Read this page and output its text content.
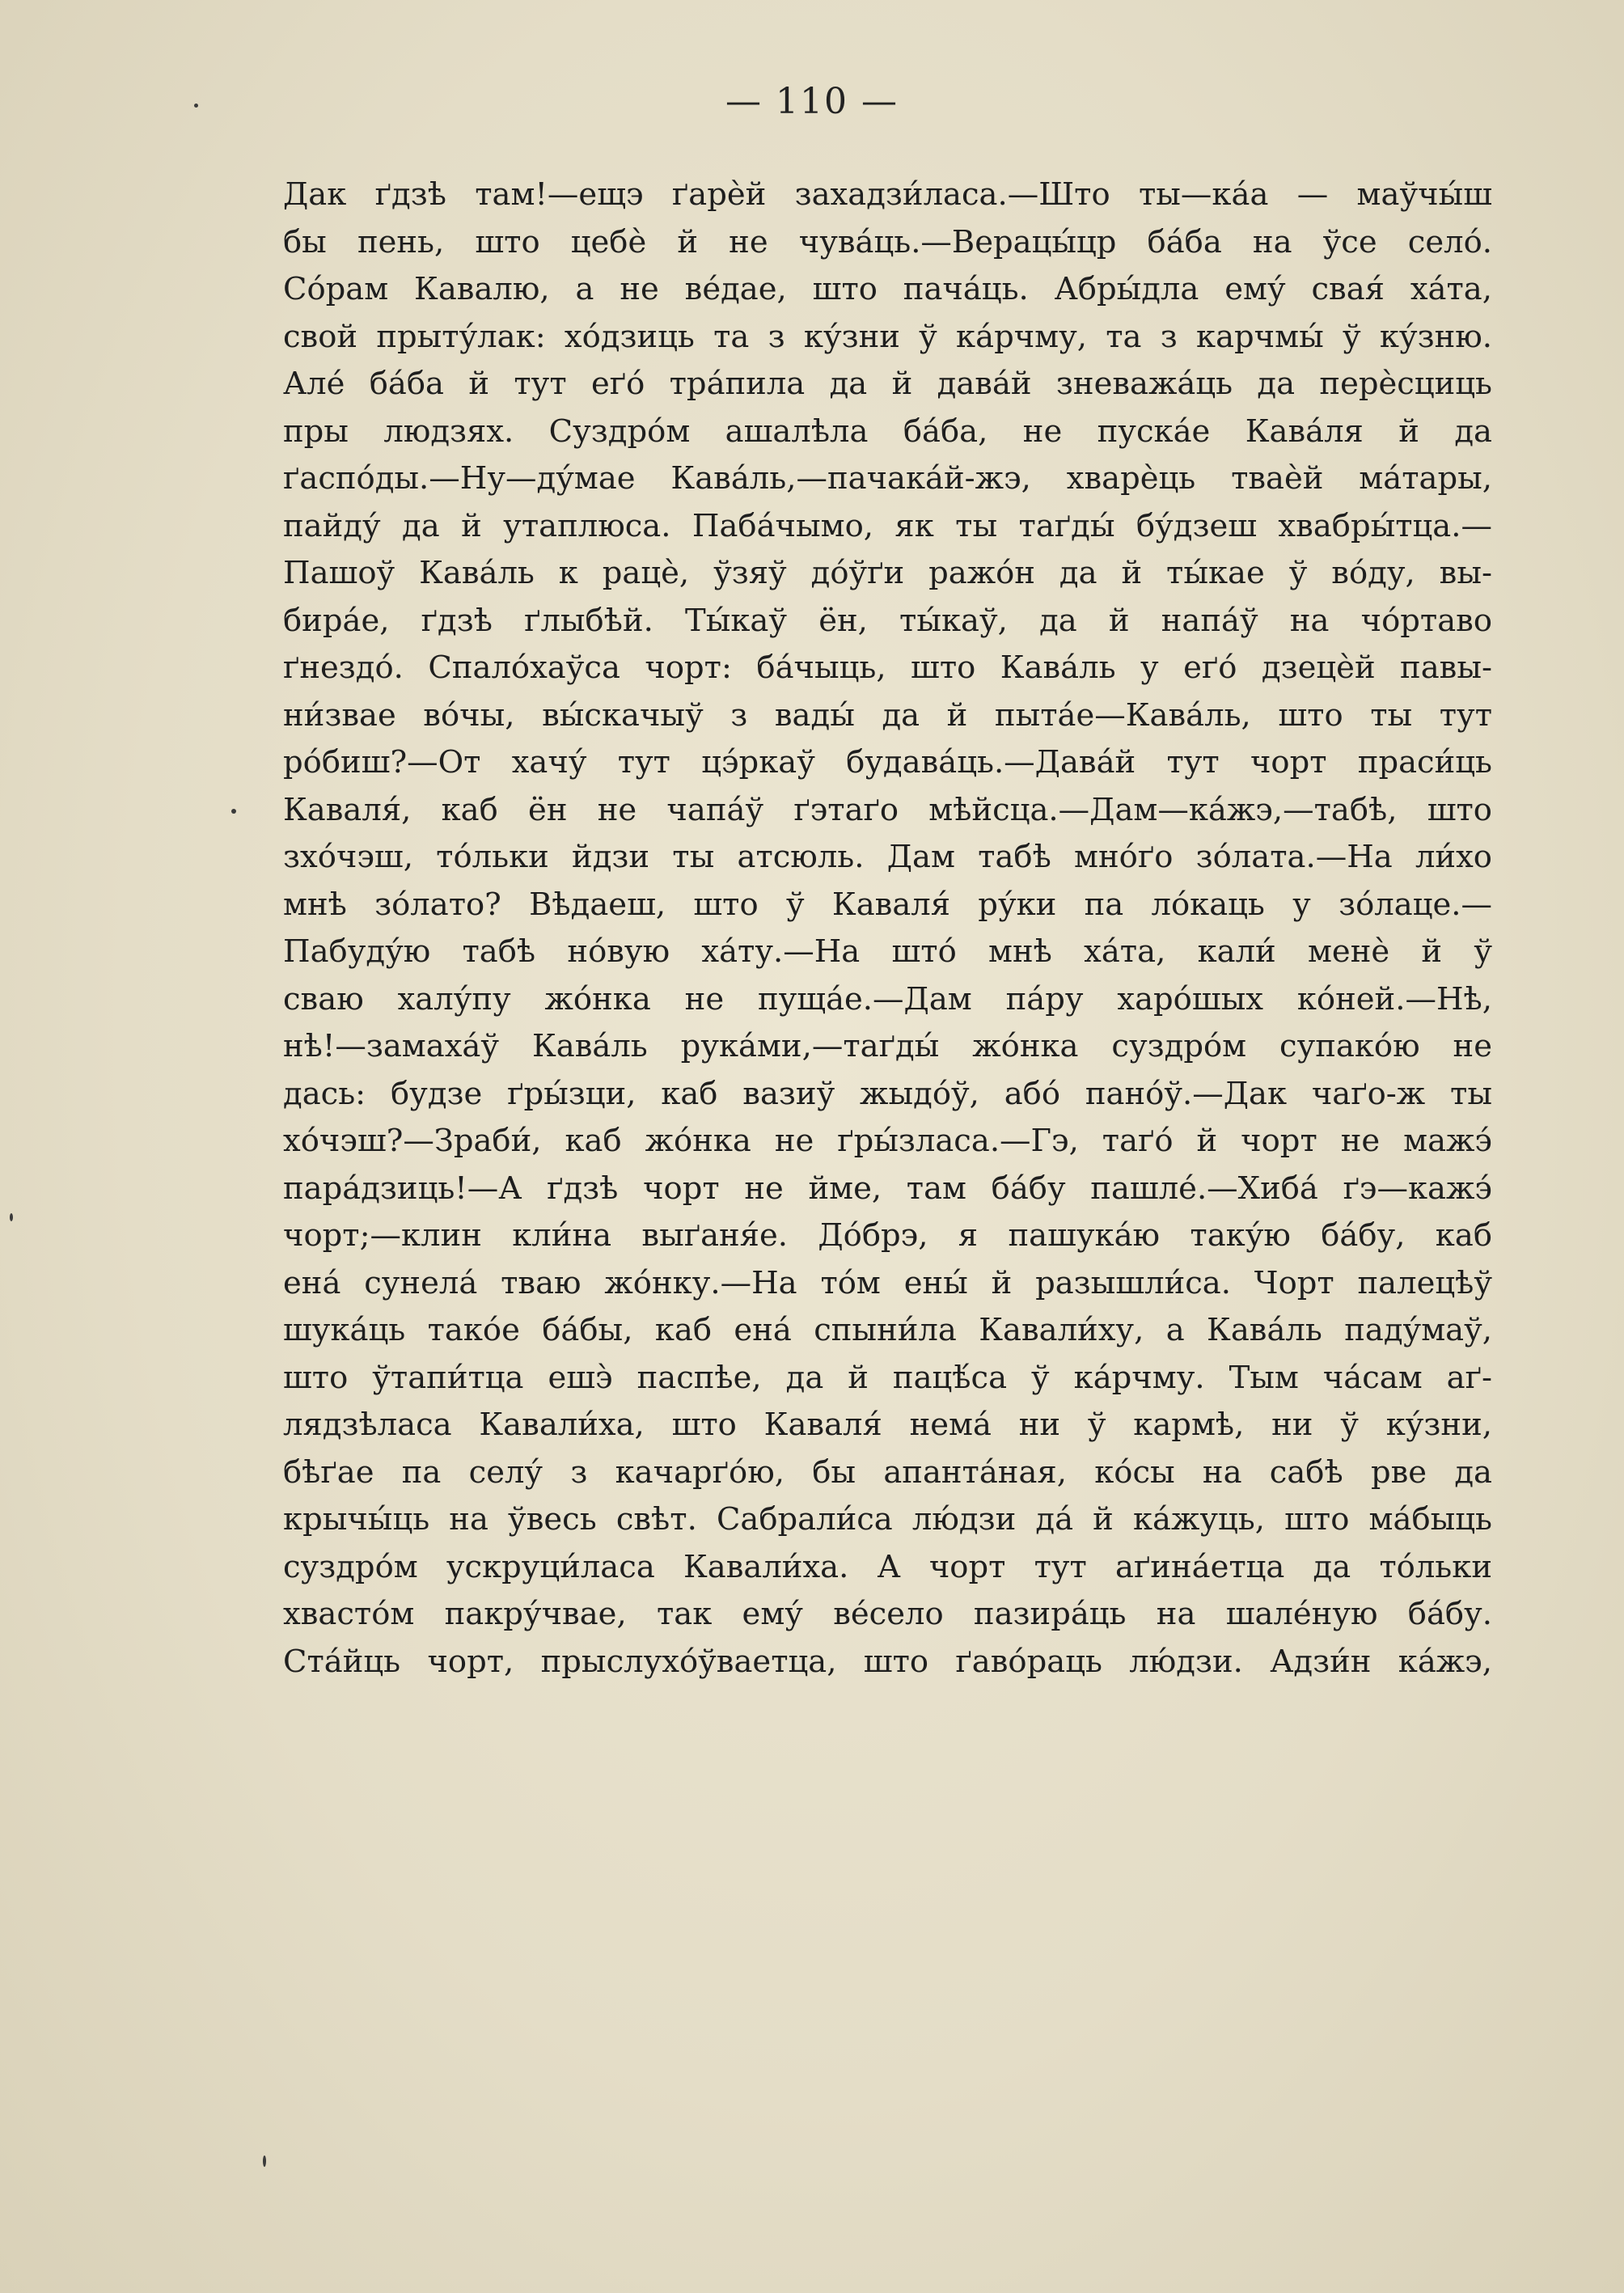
— 110 —
Дак ґдзѣ там!—ещэ ґарѐй захадзи́ласа.—Што ты—ка́а — маўчы́ш
бы пень, што цебѐ й не чува́ць.—Верацы́цр ба́ба на ўсе село́.
Со́рам Кавалю, а не ве́дае, што пача́ць. Абры́дла ему́ свая́ ха́та,
свой прыту́лак: хо́дзиць та з ку́зни ў ка́рчму, та з карчмы́ ў ку́зню.
Але́ ба́ба й тут еґо́ тра́пила да й дава́й зневажа́ць да перѐсциць
пры людзях. Суздро́м ашалѣла ба́ба, не пуска́е Кава́ля й да
ґаспо́ды.—Ну—ду́мае Кава́ль,—пачака́й-жэ, хварѐць тваѐй ма́тары,
пайду́ да й утаплюса. Паба́чымо, як ты таґды́ бу́дзеш хвабры́тца.—
Пашоў Кава́ль к рацѐ, ўзяў до́ўґи ражо́н да й ты́кае ў во́ду, вы-
бира́е, ґдзѣ ґлыбѣй. Ты́каў ён, ты́каў, да й напа́ў на чо́ртаво
ґнездо́. Спало́хаўса чорт: ба́чыць, што Кава́ль у еґо́ дзецѐй павы-
ни́звае во́чы, вы́скачыў з вады́ да й пыта́е—Кава́ль, што ты тут
ро́биш?—От хачу́ тут цэ́ркаў будава́ць.—Дава́й тут чорт праси́ць
Каваля́, каб ён не чапа́ў ґэтаґо мѣйсца.—Дам—ка́жэ,—табѣ, што
зхо́чэш, то́льки йдзи ты атсюль. Дам табѣ мно́ґо зо́лата.—На ли́хо
мнѣ зо́лато? Вѣдаеш, што ў Каваля́ ру́ки па ло́каць у зо́лаце.—
Пабуду́ю табѣ но́вую ха́ту.—На што́ мнѣ ха́та, кали́ менѐ й ў
сваю халу́пу жо́нка не пуща́е.—Дам па́ру харо́шых ко́ней.—Нѣ,
нѣ!—замаха́ў Кава́ль рука́ми,—таґды́ жо́нка суздро́м супако́ю не
дась: будзе ґры́зци, каб вазиў жыдо́ў, або́ пано́ў.—Дак чаґо-ж ты
хо́чэш?—Зраби́, каб жо́нка не ґры́зласа.—Гэ, таґо́ й чорт не мажэ́
пара́дзиць!—А ґдзѣ чорт не йме, там ба́бу пашле́.—Хиба́ ґэ—кажэ́
чорт;—клин кли́на выґаня́е. До́брэ, я пашука́ю таку́ю ба́бу, каб
ена́ сунела́ тваю жо́нку.—На то́м ены́ й разышли́са. Чорт палецѣў
шука́ць тако́е ба́бы, каб ена́ спыни́ла Кавали́ху, а Кава́ль паду́маў,
што ўтапи́тца ешэ̀ паспѣе, да й пацѣ́са ў ка́рчму. Тым ча́сам аґ-
лядзѣласа Кавали́ха, што Каваля́ нема́ ни ў кармѣ, ни ў ку́зни,
бѣґае па селу́ з качарґо́ю, бы апанта́ная, ко́сы на сабѣ рве да
крычы́ць на ўвесь свѣт. Сабрали́са лю́дзи да́ й ка́жуць, што ма́быць
суздро́м ускруци́ласа Кавали́ха. А чорт тут аґина́етца да то́льки
хвасто́м пакру́чвае, так ему́ ве́село пазира́ць на шале́ную ба́бу.
Ста́йць чорт, прыслухо́ўваетца, што ґаво́раць лю́дзи. Адзи́н ка́жэ,
